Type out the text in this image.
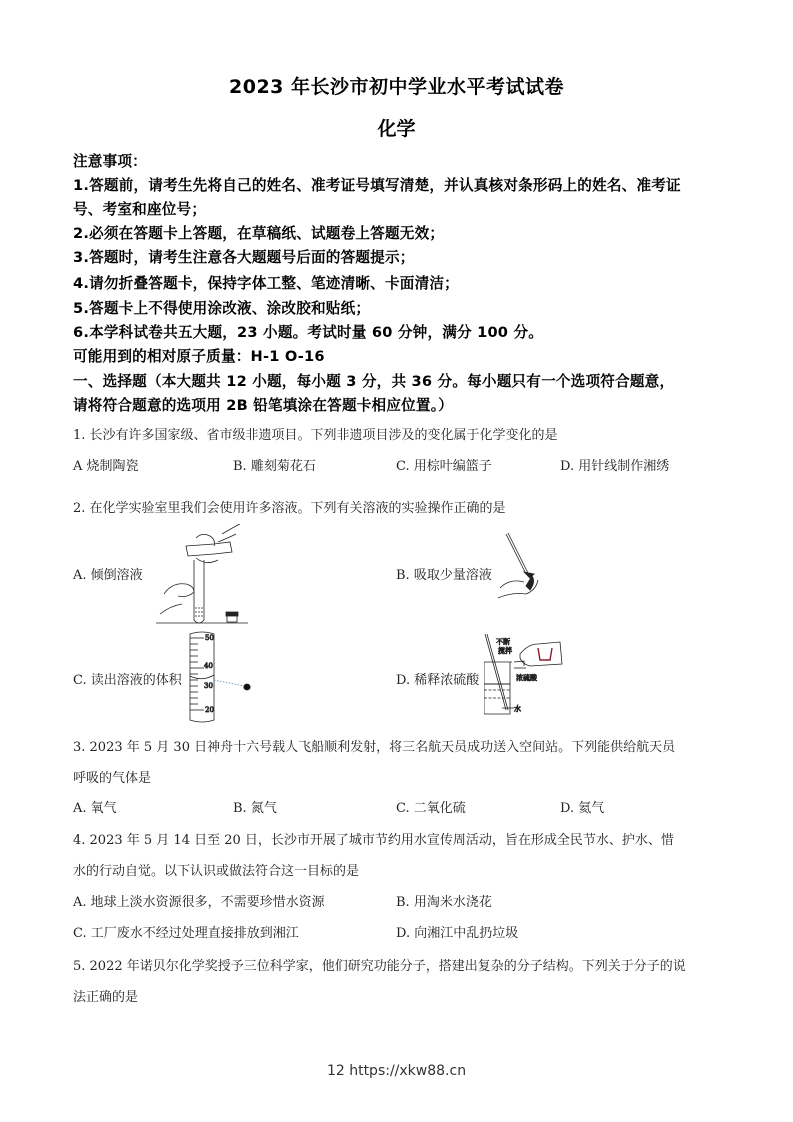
2023 年长沙市初中学业水平考试试卷
化学
注意事项：
1.答题前，请考生先将自己的姓名、准考证号填写清楚，并认真核对条形码上的姓名、准考证
号、考室和座位号；
2.必须在答题卡上答题，在草稿纸、试题卷上答题无效；
3.答题时，请考生注意各大题题号后面的答题提示；
4.请勿折叠答题卡，保持字体工整、笔迹清晰、卡面清洁；
5.答题卡上不得使用涂改液、涂改胶和贴纸；
6.本学科试卷共五大题，23 小题。考试时量 60 分钟，满分 100 分。
可能用到的相对原子质量：H-1 O-16
一、选择题（本大题共 12 小题，每小题 3 分，共 36 分。每小题只有一个选项符合题意，
请将符合题意的选项用 2B 铅笔填涂在答题卡相应位置。）
1. 长沙有许多国家级、省市级非遗项目。下列非遗项目涉及的变化属于化学变化的是
A 烧制陶瓷	B. 雕刻菊花石	C. 用棕叶编篮子	D. 用针线制作湘绣
2. 在化学实验室里我们会使用许多溶液。下列有关溶液的实验操作正确的是
A. 倾倒溶液	B. 吸取少量溶液
C. 读出溶液的体积
50
40
30
20
D. 稀释浓硫酸
不断
搅拌
浓硫酸
水
3. 2023 年 5 月 30 日神舟十六号载人飞船顺利发射，将三名航天员成功送入空间站。下列能供给航天员
呼吸的气体是
A. 氧气	B. 氮气	C. 二氧化硫	D. 氦气
4. 2023 年 5 月 14 日至 20 日，长沙市开展了城市节约用水宣传周活动，旨在形成全民节水、护水、惜
水的行动自觉。以下认识或做法符合这一目标的是
A. 地球上淡水资源很多，不需要珍惜水资源	B. 用淘米水浇花
C. 工厂废水不经过处理直接排放到湘江	D. 向湘江中乱扔垃圾
5. 2022 年诺贝尔化学奖授予三位科学家，他们研究功能分子，搭建出复杂的分子结构。下列关于分子的说
法正确的是
12 https://xkw88.cn
